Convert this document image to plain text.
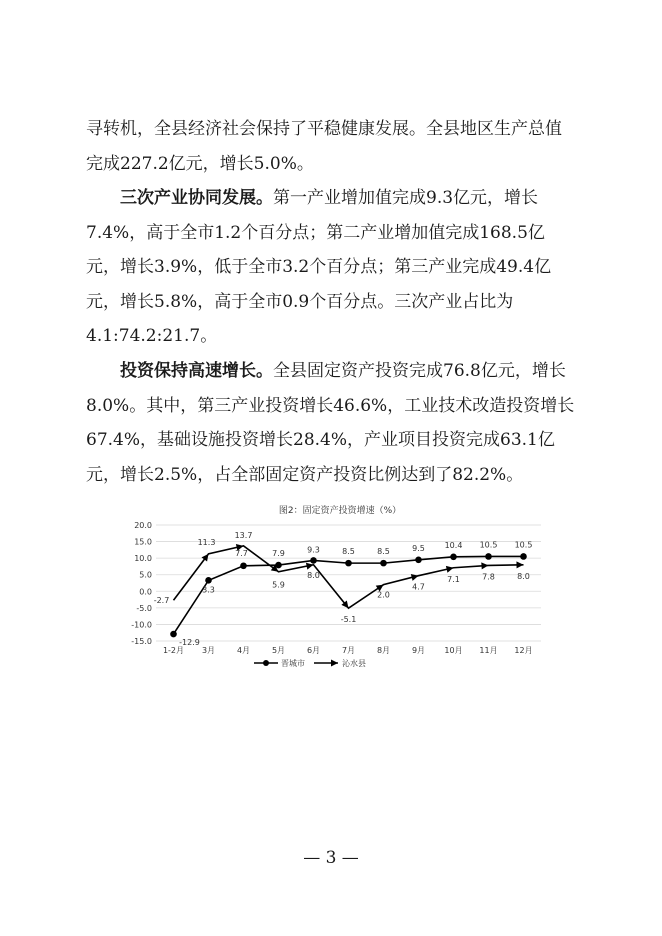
寻转机，全县经济社会保持了平稳健康发展。全县地区生产总值完成227.2亿元，增长5.0%。

三次产业协同发展。第一产业增加值完成9.3亿元，增长7.4%，高于全市1.2个百分点；第二产业增加值完成168.5亿元，增长3.9%，低于全市3.2个百分点；第三产业完成49.4亿元，增长5.8%，高于全市0.9个百分点。三次产业占比为4.1:74.2:21.7。

投资保持高速增长。全县固定资产投资完成76.8亿元，增长8.0%。其中，第三产业投资增长46.6%，工业技术改造投资增长67.4%，基础设施投资增长28.4%，产业项目投资完成63.1亿元，增长2.5%，占全部固定资产投资比例达到了82.2%。

图2：固定资产投资增速（%）
20.0
15.0
10.0
5.0
0.0
-5.0
-10.0
-15.0
1-2月 3月	4月	5月	6月	7月	8月	9月 10月 11月 12月
-12.9
3.3
7.7	7.9	9.3	8.5	8.5	9.5 10.4 10.5 10.5
-2.7
11.3
13.7
5.9
8.0
-5.1
2.0
4.7
7.1	7.8	8.0
晋城市	沁水县
— 3 —
